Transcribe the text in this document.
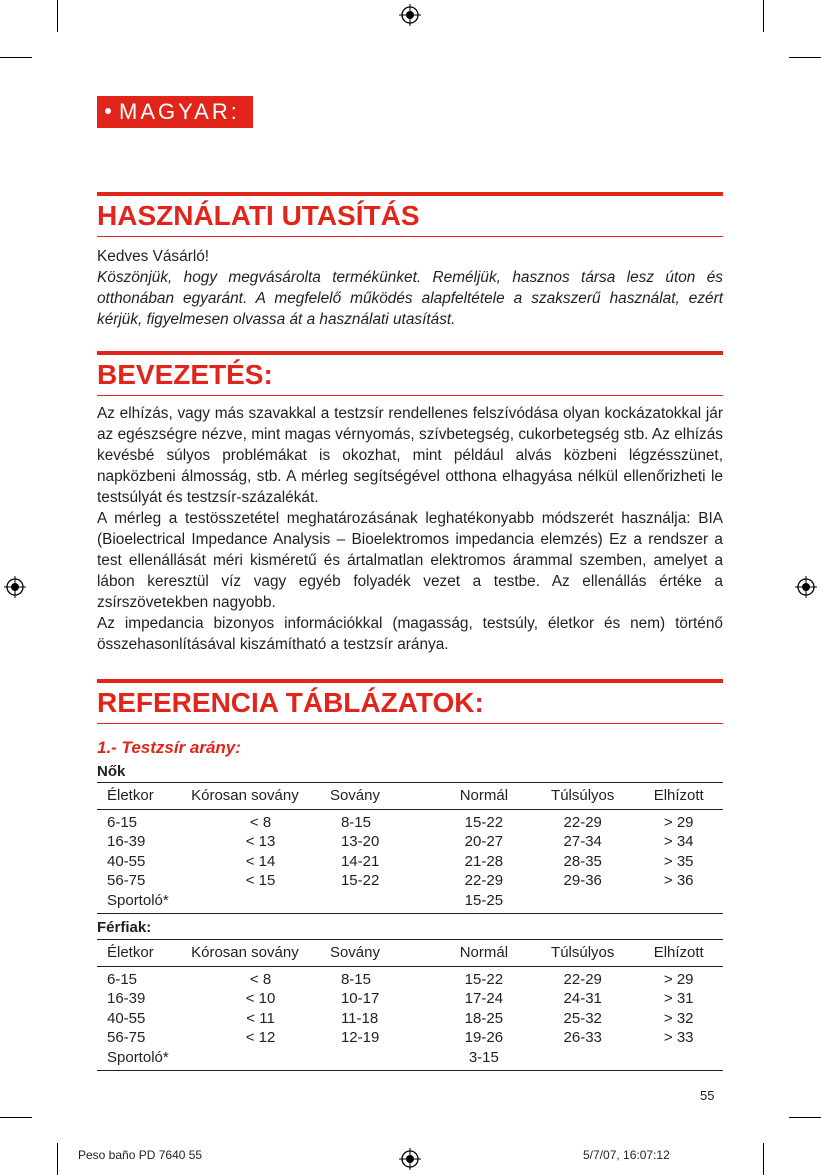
MAGYAR:
HASZNÁLATI UTASÍTÁS

Kedves Vásárló!

Köszönjük, hogy megvásárolta termékünket. Reméljük, hasznos társa lesz úton és otthonában egyaránt. A megfelelő működés alapfeltétele a szakszerű használat, ezért kérjük, figyelmesen olvassa át a használati utasítást.

BEVEZETÉS:

Az elhízás, vagy más szavakkal a testzsír rendellenes felszívódása olyan kockázatokkal jár az egészségre nézve, mint magas vérnyomás, szívbetegség, cukorbetegség stb. Az elhízás kevésbé súlyos problémákat is okozhat, mint például alvás közbeni légzésszünet, napközbeni álmosság, stb. A mérleg segítségével otthona elhagyása nélkül ellenőrizheti le testsúlyát és testzsír-százalékát.

A mérleg a testösszetétel meghatározásának leghatékonyabb módszerét használja: BIA (Bioelectrical Impedance Analysis – Bioelektromos impedancia elemzés) Ez a rendszer a test ellenállását méri kisméretű és ártalmatlan elektromos árammal szemben, amelyet a lábon keresztül víz vagy egyéb folyadék vezet a testbe. Az ellenállás értéke a zsírszövetekben nagyobb.

Az impedancia bizonyos információkkal (magasság, testsúly, életkor és nem) történő összehasonlításával kiszámítható a testzsír aránya.

REFERENCIA TÁBLÁZATOK:
1.- Testzsír arány:
Nők
Életkor	Kórosan sovány	Sovány	Normál	Túlsúlyos	Elhízott
6-15	< 8	8-15	15-22	22-29	> 29
16-39	< 13	13-20	20-27	27-34	> 34
40-55	< 14	14-21	21-28	28-35	> 35
56-75	< 15	15-22	22-29	29-36	> 36
Sportoló*			15-25		
Férfiak:
Életkor	Kórosan sovány	Sovány	Normál	Túlsúlyos	Elhízott
6-15	< 8	8-15	15-22	22-29	> 29
16-39	< 10	10-17	17-24	24-31	> 31
40-55	< 11	11-18	18-25	25-32	> 32
56-75	< 12	12-19	19-26	26-33	> 33
Sportoló*			3-15		
55
Peso baño PD 7640 55	5/7/07, 16:07:12
